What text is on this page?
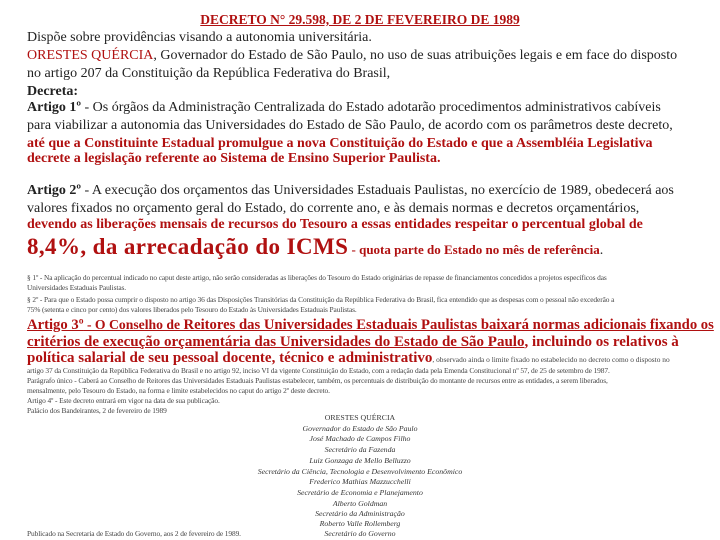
DECRETO N° 29.598, DE 2 DE FEVEREIRO DE 1989
Dispõe sobre providências visando a autonomia universitária.
ORESTES QUÉRCIA, Governador do Estado de São Paulo, no uso de suas atribuições legais e em face do disposto
no artigo 207 da Constituição da República Federativa do Brasil,
Decreta:
Artigo 1º - Os órgãos da Administração Centralizada do Estado adotarão procedimentos administrativos cabíveis
para viabilizar a autonomia das Universidades do Estado de São Paulo, de acordo com os parâmetros deste decreto,
até que a Constituinte Estadual promulgue a nova Constituição do Estado e que a Assembléia Legislativa
decrete a legislação referente ao Sistema de Ensino Superior Paulista.
Artigo 2º - A execução dos orçamentos das Universidades Estaduais Paulistas, no exercício de 1989, obedecerá aos
valores fixados no orçamento geral do Estado, do corrente ano, e às demais normas e decretos orçamentários,
devendo as liberações mensais de recursos do Tesouro a essas entidades respeitar o percentual global de
8,4%, da arrecadação do ICMS - quota parte do Estado no mês de referência.
§ 1º - Na aplicação do percentual indicado no caput deste artigo, não serão consideradas as liberações do Tesouro do Estado originárias de repasse de financiamentos concedidos a projetos específicos das
Universidades Estaduais Paulistas.
§ 2º - Para que o Estado possa cumprir o disposto no artigo 36 das Disposições Transitórias da Constituição da República Federativa do Brasil, fica entendido que as despesas com o pessoal não excederão a
75% (setenta e cinco por cento) dos valores liberados pelo Tesouro do Estado às Universidades Estaduais Paulistas.
Artigo 3º - O Conselho de Reitores das Universidades Estaduais Paulistas baixará normas adicionais fixando os
critérios de execução orçamentária das Universidades do Estado de São Paulo, incluindo os relativos à
política salarial de seu pessoal docente, técnico e administrativo, observado ainda o limite fixado no estabelecido no decreto como o disposto no
artigo 37 da Constituição da República Federativa do Brasil e no artigo 92, inciso VI da vigente Constituição do Estado, com a redação dada pela Emenda Constitucional nº 57, de 25 de setembro de 1987.
Parágrafo único - Caberá ao Conselho de Reitores das Universidades Estaduais Paulistas estabelecer, também, os percentuais de distribuição do montante de recursos entre as entidades, a serem liberados,
mensalmente, pelo Tesouro do Estado, na forma e limite estabelecidos no caput do artigo 2º deste decreto.
Artigo 4º - Este decreto entrará em vigor na data de sua publicação.
Palácio dos Bandeirantes, 2 de fevereiro de 1989
ORESTES QUÉRCIA
Governador do Estado de São Paulo
José Machado de Campos Filho
Secretário da Fazenda
Luiz Gonzaga de Mello Belluzzo
Secretário da Ciência, Tecnologia e Desenvolvimento Econômico
Frederico Mathias Mazzucchelli
Secretário de Economia e Planejamento
Alberto Goldman
Secretário da Administração
Roberto Valle Rollemberg
Secretário do Governo
Publicado na Secretaria de Estado do Governo, aos 2 de fevereiro de 1989.
